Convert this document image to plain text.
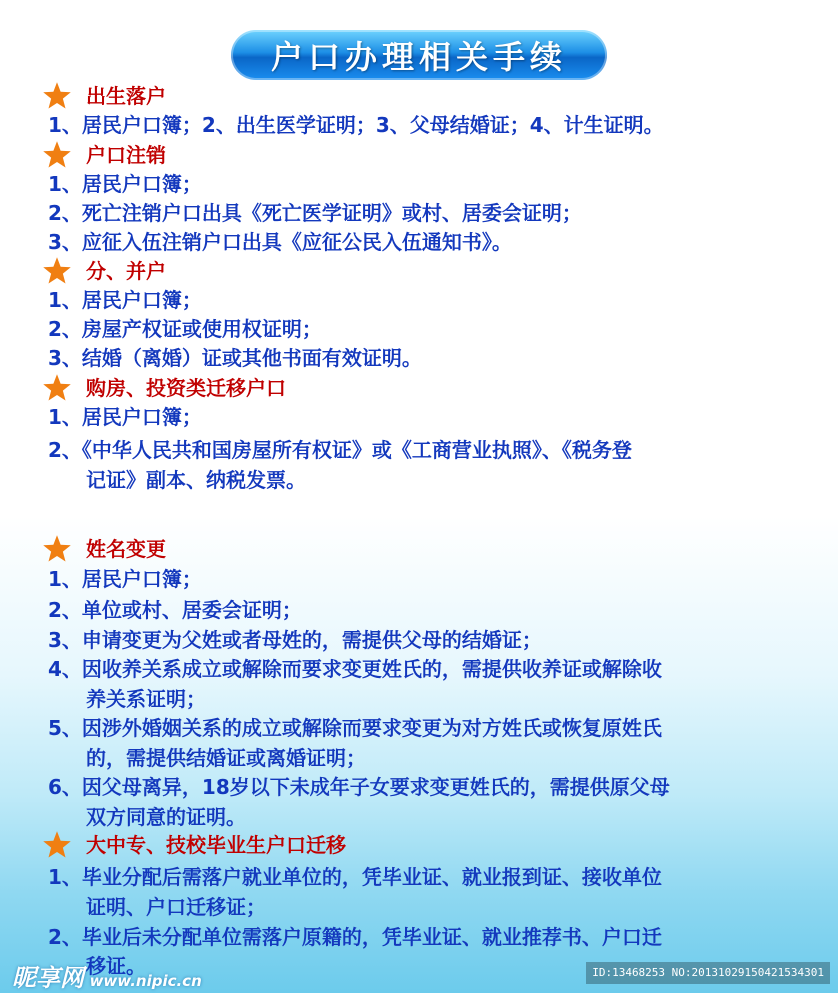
户口办理相关手续
出生落户
1、居民户口簿；2、出生医学证明；3、父母结婚证；4、计生证明。
户口注销
1、居民户口簿；
2、死亡注销户口出具《死亡医学证明》或村、居委会证明；
3、应征入伍注销户口出具《应征公民入伍通知书》。
分、并户
1、居民户口簿；
2、房屋产权证或使用权证明；
3、结婚（离婚）证或其他书面有效证明。
购房、投资类迁移户口
1、居民户口簿；
2、《中华人民共和国房屋所有权证》或《工商营业执照》、《税务登
记证》副本、纳税发票。
姓名变更
1、居民户口簿；
2、单位或村、居委会证明；
3、申请变更为父姓或者母姓的，需提供父母的结婚证；
4、因收养关系成立或解除而要求变更姓氏的，需提供收养证或解除收
养关系证明；
5、因涉外婚姻关系的成立或解除而要求变更为对方姓氏或恢复原姓氏
的，需提供结婚证或离婚证明；
6、因父母离异，18岁以下未成年子女要求变更姓氏的，需提供原父母
双方同意的证明。
大中专、技校毕业生户口迁移
1、毕业分配后需落户就业单位的，凭毕业证、就业报到证、接收单位
证明、户口迁移证；
2、毕业后未分配单位需落户原籍的，凭毕业证、就业推荐书、户口迁
移证。
昵享网 www.nipic.cn	ID:13468253 NO:20131029150421534301
